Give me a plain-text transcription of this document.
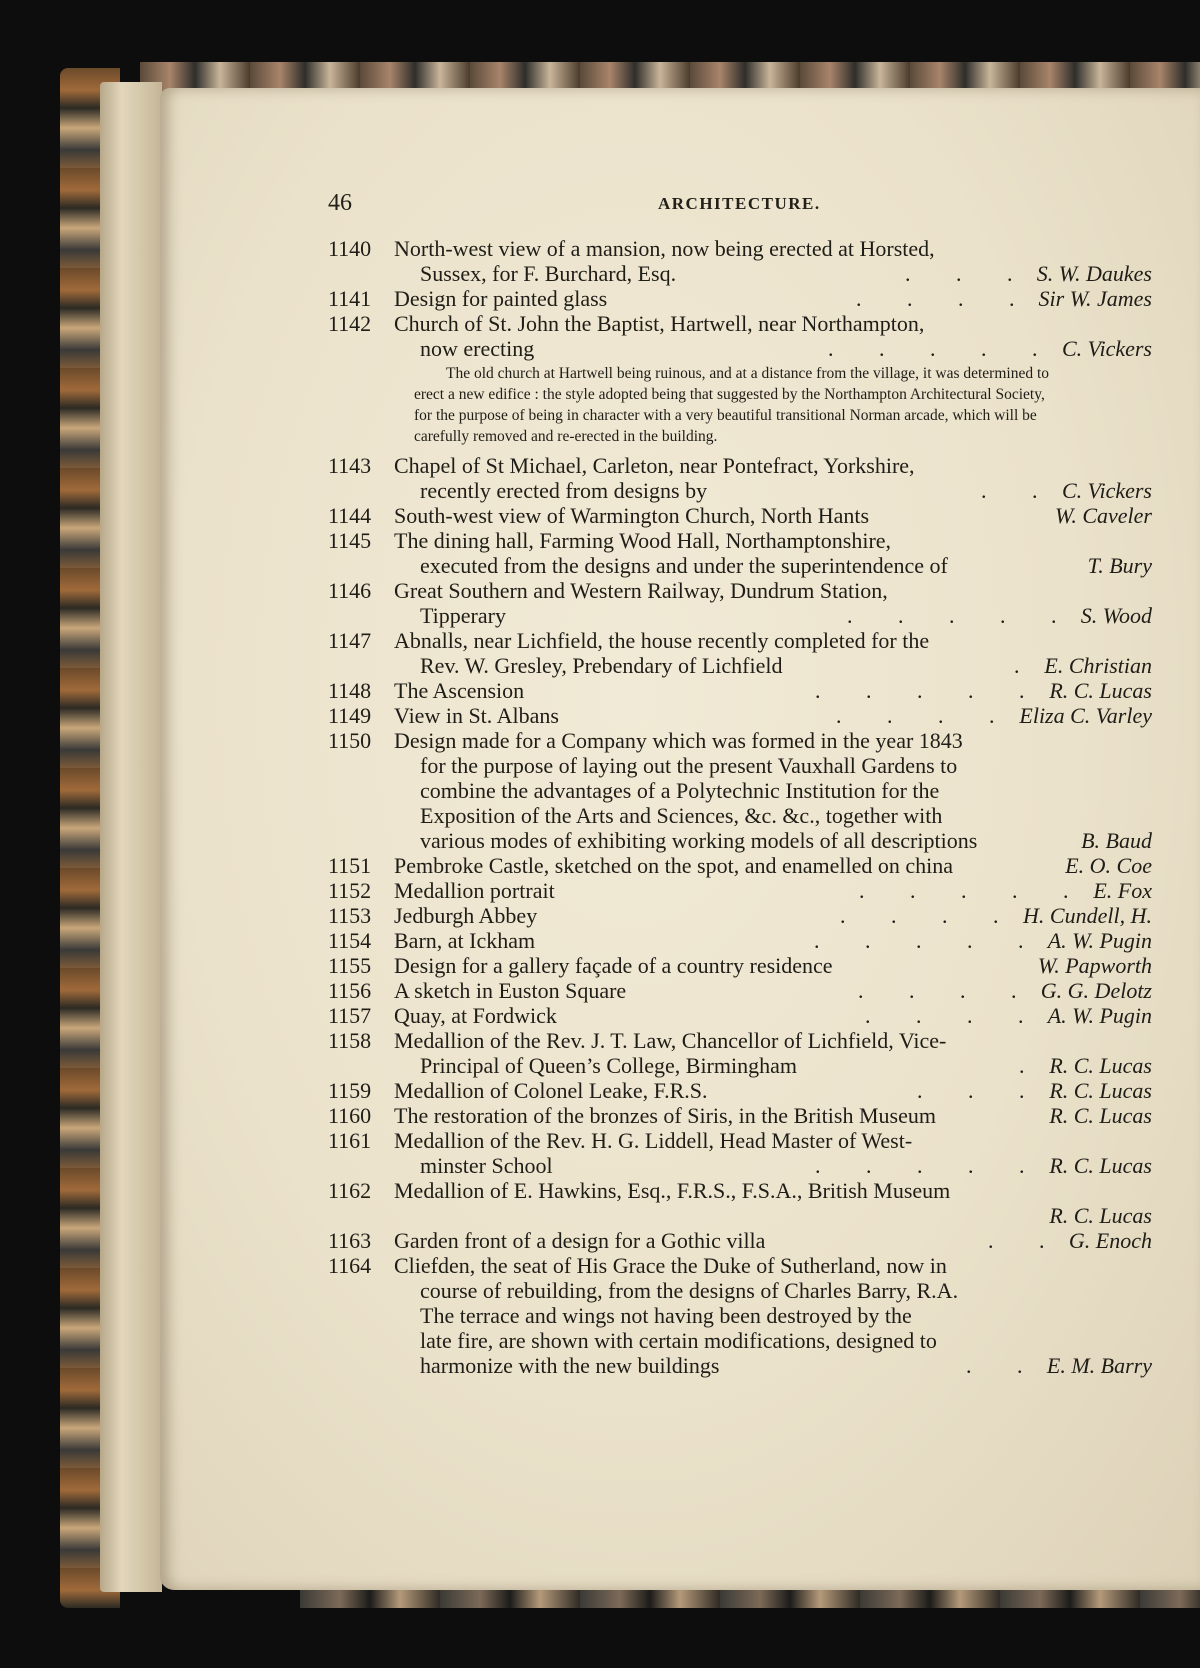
46	ARCHITECTURE.
1140	North-west view of a mansion, now being erected at Horsted,
Sussex, for F. Burchard, Esq.	. . . S. W. Daukes
1141	Design for painted glass	. . . . Sir W. James
1142	Church of St. John the Baptist, Hartwell, near Northampton,
now erecting	. . . . . C. Vickers
The old church at Hartwell being ruinous, and at a distance from the village, it was determined to erect a new edifice : the style adopted being that suggested by the Northampton Architectural Society, for the purpose of being in character with a very beautiful transitional Norman arcade, which will be carefully removed and re-erected in the building.
1143	Chapel of St Michael, Carleton, near Pontefract, Yorkshire,
recently erected from designs by	. . C. Vickers
1144	South-west view of Warmington Church, North Hants	W. Caveler
1145	The dining hall, Farming Wood Hall, Northamptonshire,
executed from the designs and under the superintendence of	T. Bury
1146	Great Southern and Western Railway, Dundrum Station,
Tipperary	. . . . . S. Wood
1147	Abnalls, near Lichfield, the house recently completed for the
Rev. W. Gresley, Prebendary of Lichfield	. E. Christian
1148	The Ascension	. . . . . R. C. Lucas
1149	View in St. Albans	. . . . Eliza C. Varley
1150	Design made for a Company which was formed in the year 1843
for the purpose of laying out the present Vauxhall Gardens to
combine the advantages of a Polytechnic Institution for the
Exposition of the Arts and Sciences, &c. &c., together with
various modes of exhibiting working models of all descriptions	B. Baud
1151	Pembroke Castle, sketched on the spot, and enamelled on china	E. O. Coe
1152	Medallion portrait	. . . . . E. Fox
1153	Jedburgh Abbey	. . . . H. Cundell, H.
1154	Barn, at Ickham	. . . . . A. W. Pugin
1155	Design for a gallery façade of a country residence	W. Papworth
1156	A sketch in Euston Square	. . . . G. G. Delotz
1157	Quay, at Fordwick	. . . . A. W. Pugin
1158	Medallion of the Rev. J. T. Law, Chancellor of Lichfield, Vice-
Principal of Queen’s College, Birmingham	. R. C. Lucas
1159	Medallion of Colonel Leake, F.R.S.	. . . R. C. Lucas
1160	The restoration of the bronzes of Siris, in the British Museum	R. C. Lucas
1161	Medallion of the Rev. H. G. Liddell, Head Master of West-
minster School	. . . . . R. C. Lucas
1162	Medallion of E. Hawkins, Esq., F.R.S., F.S.A., British Museum
R. C. Lucas
1163	Garden front of a design for a Gothic villa	. . G. Enoch
1164	Cliefden, the seat of His Grace the Duke of Sutherland, now in
course of rebuilding, from the designs of Charles Barry, R.A.
The terrace and wings not having been destroyed by the
late fire, are shown with certain modifications, designed to
harmonize with the new buildings	. . E. M. Barry
